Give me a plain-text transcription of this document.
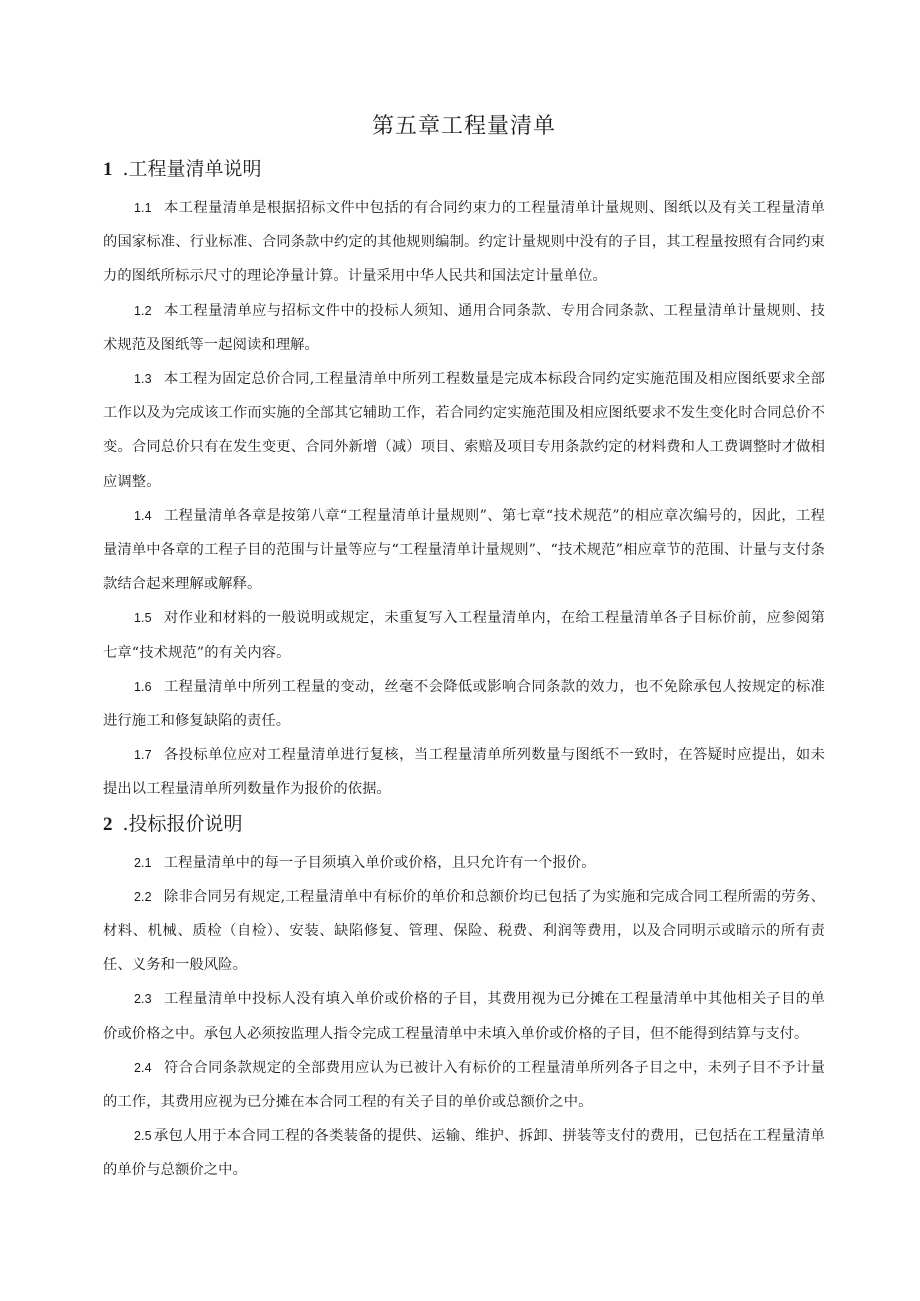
第五章工程量清单
1 .工程量清单说明

1.1 本工程量清单是根据招标文件中包括的有合同约束力的工程量清单计量规则、图纸以及有关工程量清单的国家标准、行业标准、合同条款中约定的其他规则编制。约定计量规则中没有的子目，其工程量按照有合同约束力的图纸所标示尺寸的理论净量计算。计量采用中华人民共和国法定计量单位。

1.2 本工程量清单应与招标文件中的投标人须知、通用合同条款、专用合同条款、工程量清单计量规则、技术规范及图纸等一起阅读和理解。

1.3 本工程为固定总价合同,工程量清单中所列工程数量是完成本标段合同约定实施范围及相应图纸要求全部工作以及为完成该工作而实施的全部其它辅助工作，若合同约定实施范围及相应图纸要求不发生变化时合同总价不变。合同总价只有在发生变更、合同外新增（减）项目、索赔及项目专用条款约定的材料费和人工费调整时才做相应调整。

1.4 工程量清单各章是按第八章“工程量清单计量规则”、第七章“技术规范”的相应章次编号的，因此，工程量清单中各章的工程子目的范围与计量等应与“工程量清单计量规则”、“技术规范”相应章节的范围、计量与支付条款结合起来理解或解释。

1.5 对作业和材料的一般说明或规定，未重复写入工程量清单内，在给工程量清单各子目标价前，应参阅第七章“技术规范”的有关内容。

1.6 工程量清单中所列工程量的变动，丝毫不会降低或影响合同条款的效力，也不免除承包人按规定的标准进行施工和修复缺陷的责任。

1.7 各投标单位应对工程量清单进行复核，当工程量清单所列数量与图纸不一致时，在答疑时应提出，如未提出以工程量清单所列数量作为报价的依据。

2 .投标报价说明

2.1 工程量清单中的每一子目须填入单价或价格，且只允许有一个报价。

2.2 除非合同另有规定,工程量清单中有标价的单价和总额价均已包括了为实施和完成合同工程所需的劳务、材料、机械、质检（自检）、安装、缺陷修复、管理、保险、税费、利润等费用，以及合同明示或暗示的所有责任、义务和一般风险。

2.3 工程量清单中投标人没有填入单价或价格的子目，其费用视为已分摊在工程量清单中其他相关子目的单价或价格之中。承包人必须按监理人指令完成工程量清单中未填入单价或价格的子目，但不能得到结算与支付。

2.4 符合合同条款规定的全部费用应认为已被计入有标价的工程量清单所列各子目之中，未列子目不予计量的工作，其费用应视为已分摊在本合同工程的有关子目的单价或总额价之中。

2.5 承包人用于本合同工程的各类装备的提供、运输、维护、拆卸、拼装等支付的费用，已包括在工程量清单的单价与总额价之中。
